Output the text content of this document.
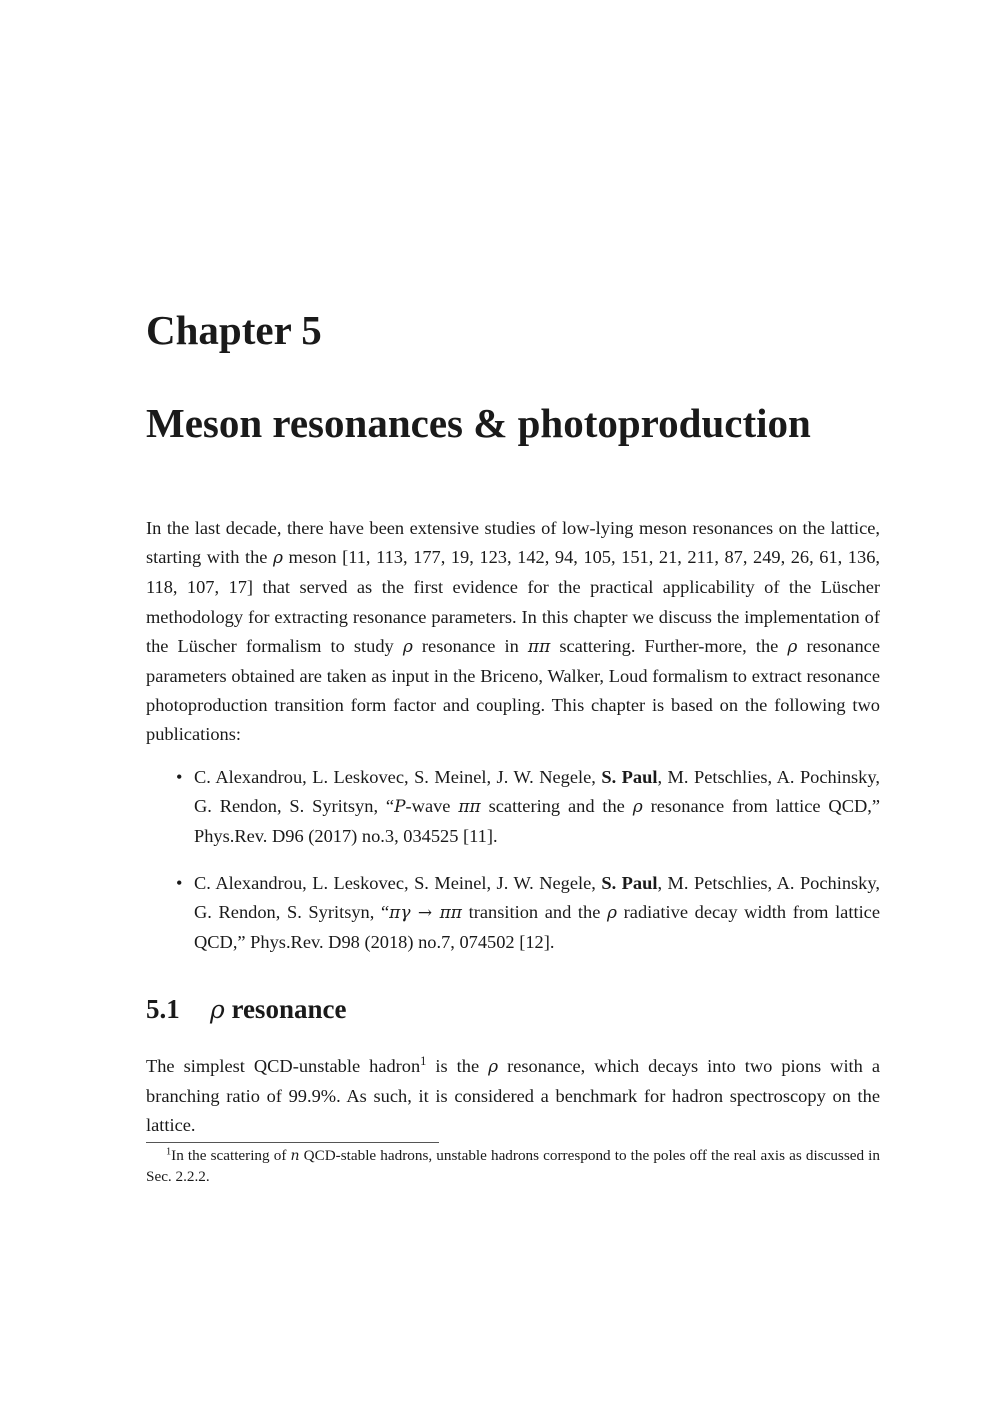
Chapter 5
Meson resonances & photoproduction

In the last decade, there have been extensive studies of low-lying meson resonances on the lattice, starting with the ρ meson [11, 113, 177, 19, 123, 142, 94, 105, 151, 21, 211, 87, 249, 26, 61, 136, 118, 107, 17] that served as the first evidence for the practical applicability of the Lüscher methodology for extracting resonance parameters. In this chapter we discuss the implementation of the Lüscher formalism to study ρ resonance in ππ scattering. Further-more, the ρ resonance parameters obtained are taken as input in the Briceno, Walker, Loud formalism to extract resonance photoproduction transition form factor and coupling. This chapter is based on the following two publications:

• C. Alexandrou, L. Leskovec, S. Meinel, J. W. Negele, S. Paul, M. Petschlies, A. Pochinsky, G. Rendon, S. Syritsyn, “P-wave ππ scattering and the ρ resonance from lattice QCD,” Phys.Rev. D96 (2017) no.3, 034525 [11].
• C. Alexandrou, L. Leskovec, S. Meinel, J. W. Negele, S. Paul, M. Petschlies, A. Pochinsky, G. Rendon, S. Syritsyn, “πγ → ππ transition and the ρ radiative decay width from lattice QCD,” Phys.Rev. D98 (2018) no.7, 074502 [12].
5.1 ρ resonance

The simplest QCD-unstable hadron$^1$ is the ρ resonance, which decays into two pions with a branching ratio of 99.9%. As such, it is considered a benchmark for hadron spectroscopy on the lattice.

$^1$In the scattering of n QCD-stable hadrons, unstable hadrons correspond to the poles off the real axis as discussed in Sec. 2.2.2.
